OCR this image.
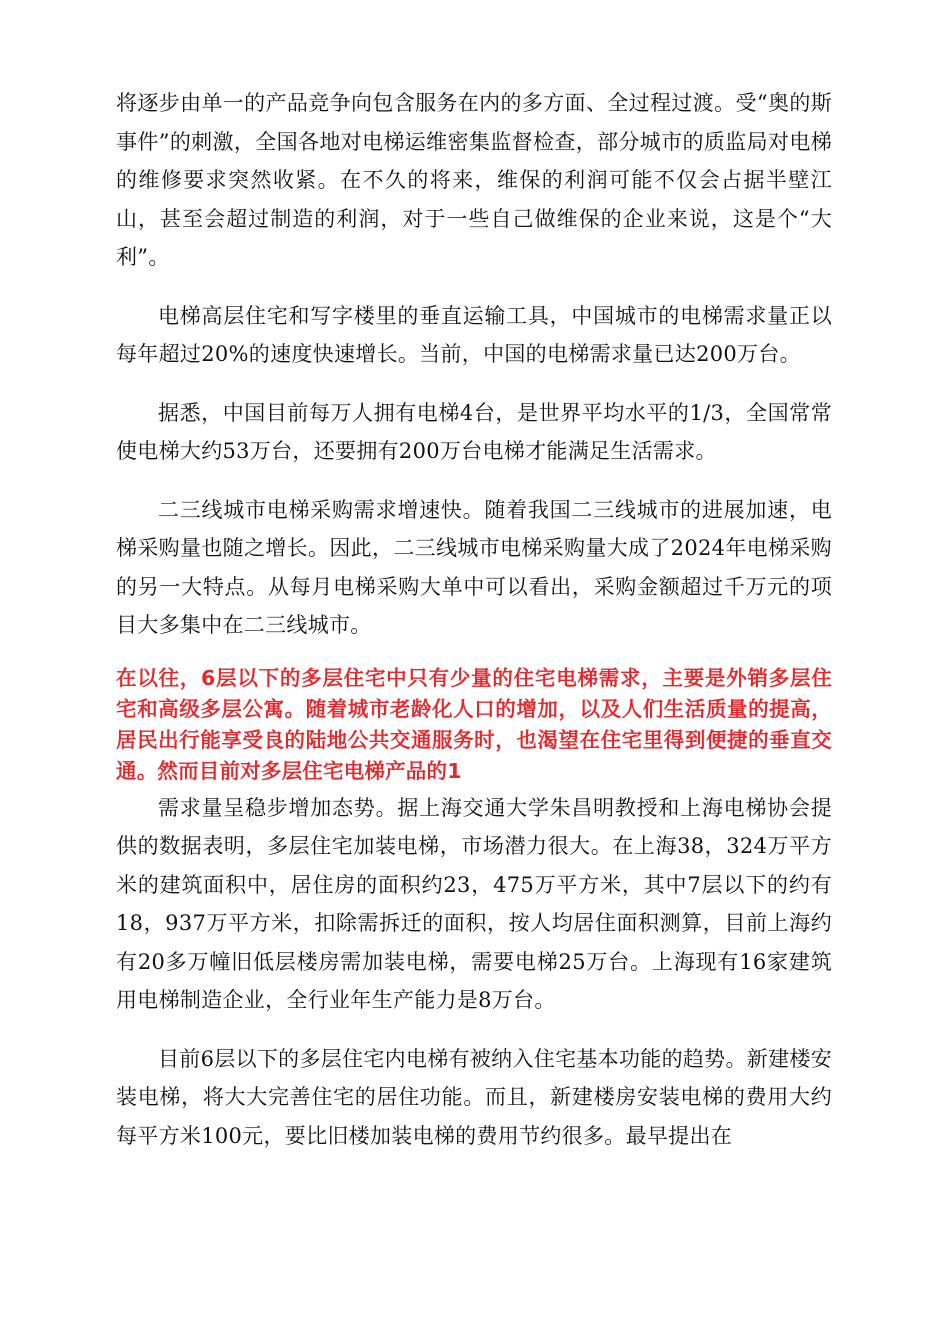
将逐步由单一的产品竞争向包含服务在内的多方面、全过程过渡。受“奥的斯事件”的刺激，全国各地对电梯运维密集监督检查，部分城市的质监局对电梯的维修要求突然收紧。在不久的将来，维保的利润可能不仅会占据半壁江山，甚至会超过制造的利润，对于一些自己做维保的企业来说，这是个“大利”。

电梯高层住宅和写字楼里的垂直运输工具，中国城市的电梯需求量正以每年超过20%的速度快速增长。当前，中国的电梯需求量已达200万台。

据悉，中国目前每万人拥有电梯4台，是世界平均水平的1/3，全国常常使电梯大约53万台，还要拥有200万台电梯才能满足生活需求。

二三线城市电梯采购需求增速快。随着我国二三线城市的进展加速，电梯采购量也随之增长。因此，二三线城市电梯采购量大成了2024年电梯采购的另一大特点。从每月电梯采购大单中可以看出，采购金额超过千万元的项目大多集中在二三线城市。

在以往，6层以下的多层住宅中只有少量的住宅电梯需求，主要是外销多层住宅和高级多层公寓。随着城市老龄化人口的增加，以及人们生活质量的提高，居民出行能享受良的陆地公共交通服务时，也渴望在住宅里得到便捷的垂直交通。然而目前对多层住宅电梯产品的1

需求量呈稳步增加态势。据上海交通大学朱昌明教授和上海电梯协会提供的数据表明，多层住宅加装电梯，市场潜力很大。在上海38，324万平方米的建筑面积中，居住房的面积约23，475万平方米，其中7层以下的约有18，937万平方米，扣除需拆迁的面积，按人均居住面积测算，目前上海约有20多万幢旧低层楼房需加装电梯，需要电梯25万台。上海现有16家建筑用电梯制造企业，全行业年生产能力是8万台。

目前6层以下的多层住宅内电梯有被纳入住宅基本功能的趋势。新建楼安装电梯，将大大完善住宅的居住功能。而且，新建楼房安装电梯的费用大约每平方米100元，要比旧楼加装电梯的费用节约很多。最早提出在
